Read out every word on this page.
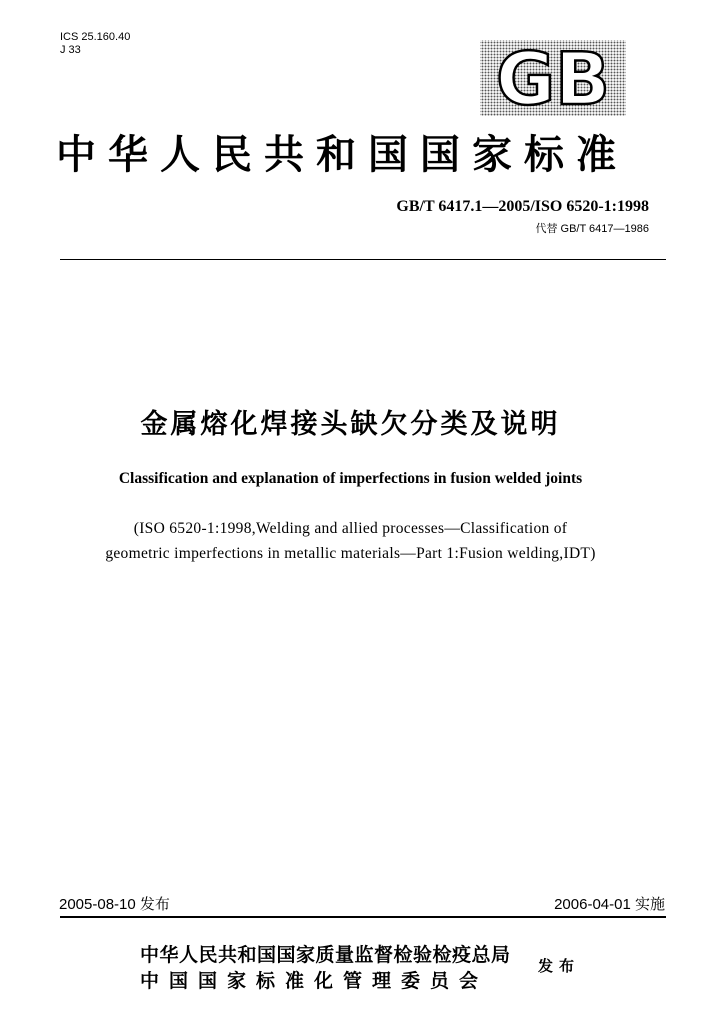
ICS 25.160.40
J 33	GB
中华人民共和国国家标准
GB/T 6417.1—2005/ISO 6520-1:1998
代替 GB/T 6417—1986
金属熔化焊接头缺欠分类及说明
Classification and explanation of imperfections in fusion welded joints
(ISO 6520-1:1998,Welding and allied processes—Classification of
geometric imperfections in metallic materials—Part 1:Fusion welding,IDT)
2005-08-10 发布	2006-04-01 实施
中华人民共和国国家质量监督检验检疫总局
中国国家标准化管理委员会
发布
